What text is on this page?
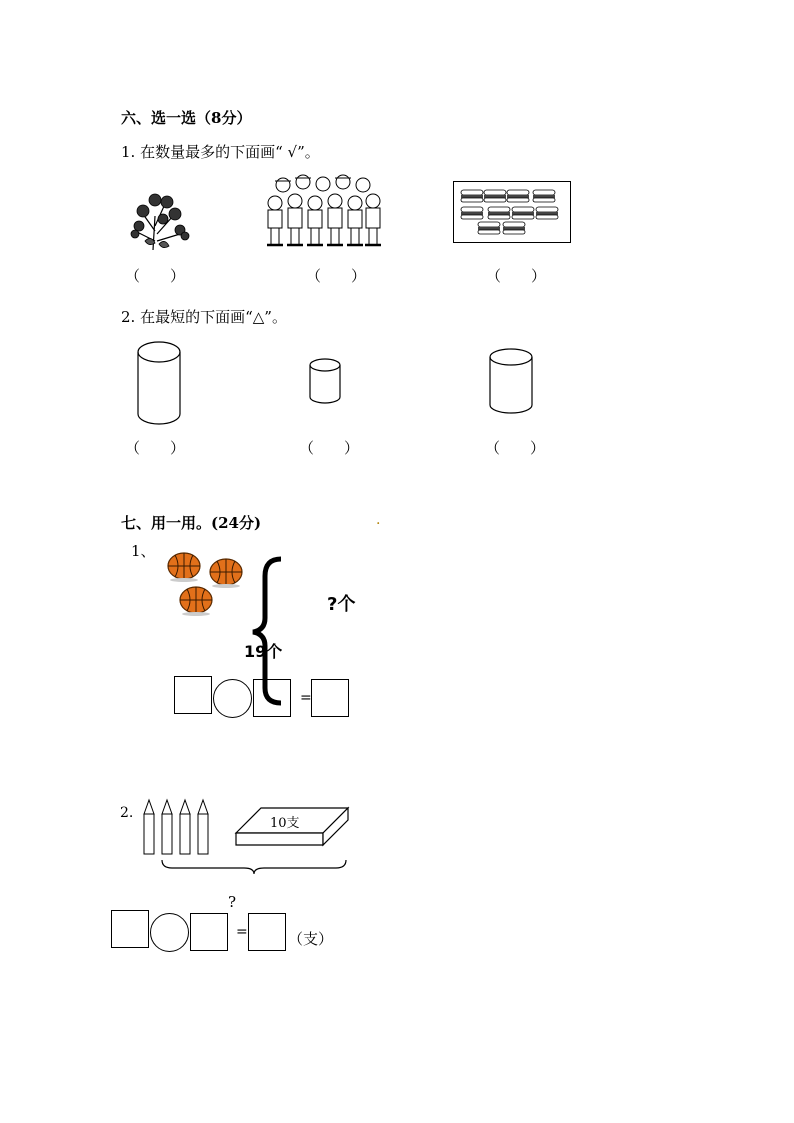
六、选一选（8分）
1. 在数量最多的下面画“ √”。
（　　）	（　　）	（　　）
2. 在最短的下面画“△”。
（　　）	（　　）	（　　）
七、用一用。(24分)	.
1、
?个
19个
=
2.
10支
?
=	（支）
